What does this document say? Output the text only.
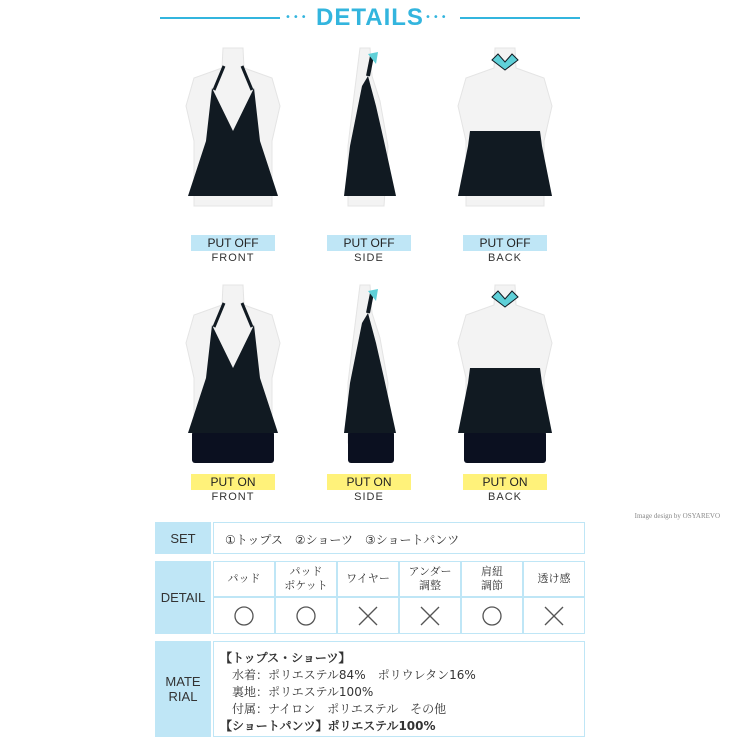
••• DETAILS •••
PUT OFF
FRONT
PUT OFF
SIDE
PUT OFF
BACK
PUT ON
FRONT
PUT ON
SIDE
PUT ON
BACK
Image design by OSYAREVO
SET	①トップス　②ショーツ　③ショートパンツ
DETAIL
パッド
パッド
ポケット
ワイヤー
アンダー
調整
肩紐
調節
透け感
MATE
RIAL
【トップス・ショーツ】
　水着：ポリエステル84%　ポリウレタン16%
　裏地：ポリエステル100%
　付属：ナイロン　ポリエステル　その他
【ショートパンツ】ポリエステル100%
